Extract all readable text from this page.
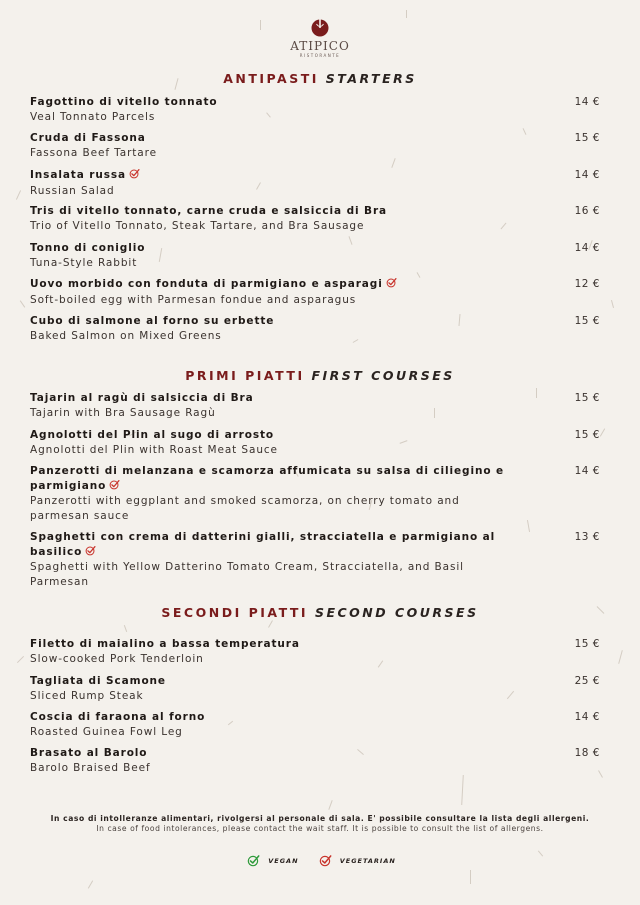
ATIPICO
RISTORANTE
ANTIPASTI STARTERS
PRIMI PIATTI FIRST COURSES
SECONDI PIATTI SECOND COURSES
Fagottino di vitello tonnato
Veal Tonnato Parcels
14 €
Cruda di Fassona
Fassona Beef Tartare
15 €
Insalata russa
Russian Salad
14 €
Tris di vitello tonnato, carne cruda e salsiccia di Bra
Trio of Vitello Tonnato, Steak Tartare, and Bra Sausage
16 €
Tonno di coniglio
Tuna-Style Rabbit
14 €
Uovo morbido con fonduta di parmigiano e asparagi
Soft-boiled egg with Parmesan fondue and asparagus
12 €
Cubo di salmone al forno su erbette
Baked Salmon on Mixed Greens
15 €
Tajarin al ragù di salsiccia di Bra
Tajarin with Bra Sausage Ragù
15 €
Agnolotti del Plin al sugo di arrosto
Agnolotti del Plin with Roast Meat Sauce
15 €
Panzerotti di melanzana e scamorza affumicata su salsa di ciliegino e parmigiano
Panzerotti with eggplant and smoked scamorza, on cherry tomato and parmesan sauce
14 €
Spaghetti con crema di datterini gialli, stracciatella e parmigiano al basilico
Spaghetti with Yellow Datterino Tomato Cream, Stracciatella, and Basil Parmesan
13 €
Filetto di maialino a bassa temperatura
Slow-cooked Pork Tenderloin
15 €
Tagliata di Scamone
Sliced Rump Steak
25 €
Coscia di faraona al forno
Roasted Guinea Fowl Leg
14 €
Brasato al Barolo
Barolo Braised Beef
18 €
In caso di intolleranze alimentari, rivolgersi al personale di sala. E' possibile consultare la lista degli allergeni.
In case of food intolerances, please contact the wait staff. It is possible to consult the list of allergens.
VEGAN	VEGETARIAN
